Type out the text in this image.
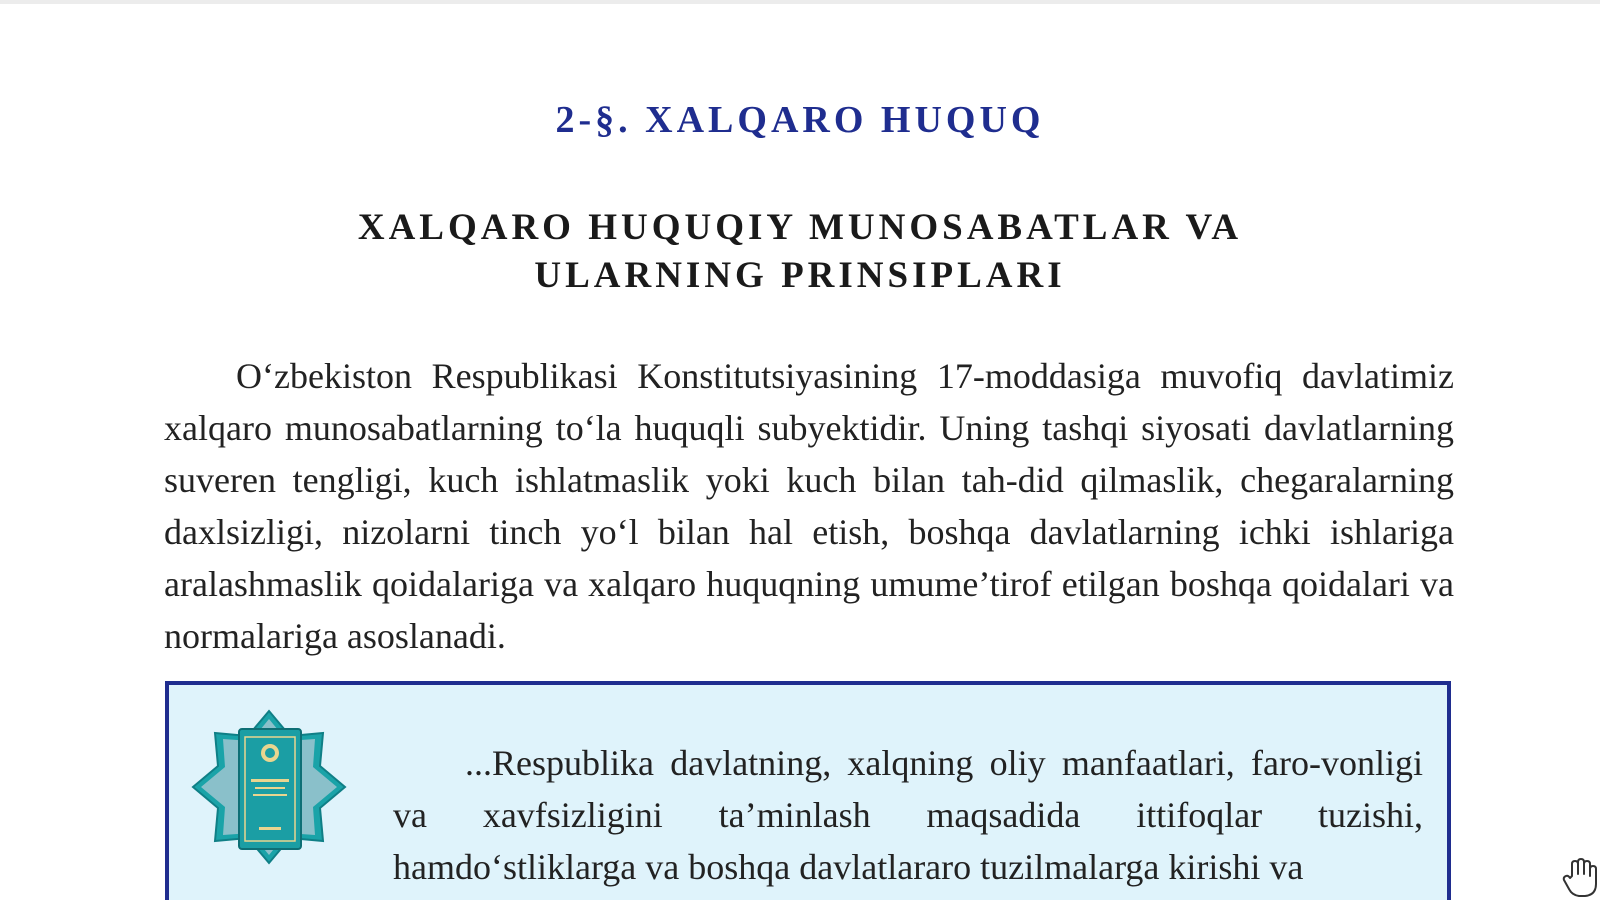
2-§. XALQARO HUQUQ
XALQARO HUQUQIY MUNOSABATLAR VA
ULARNING PRINSIPLARI

O‘zbekiston Respublikasi Konstitutsiyasining 17-moddasiga muvofiq davlatimiz xalqaro munosabatlarning to‘la huquqli subyektidir. Uning tashqi siyosati davlatlarning suveren tengligi, kuch ishlatmaslik yoki kuch bilan tah-did qilmaslik, chegaralarning daxlsizligi, nizolarni tinch yo‘l bilan hal etish, boshqa davlatlarning ichki ishlariga aralashmaslik qoidalariga va xalqaro huquqning umume’tirof etilgan boshqa qoidalari va normalariga asoslanadi.

...Respublika davlatning, xalqning oliy manfaatlari, faro-vonligi va xavfsizligini ta’minlash maqsadida ittifoqlar tuzishi, hamdo‘stliklarga va boshqa davlatlararo tuzilmalarga kirishi va
